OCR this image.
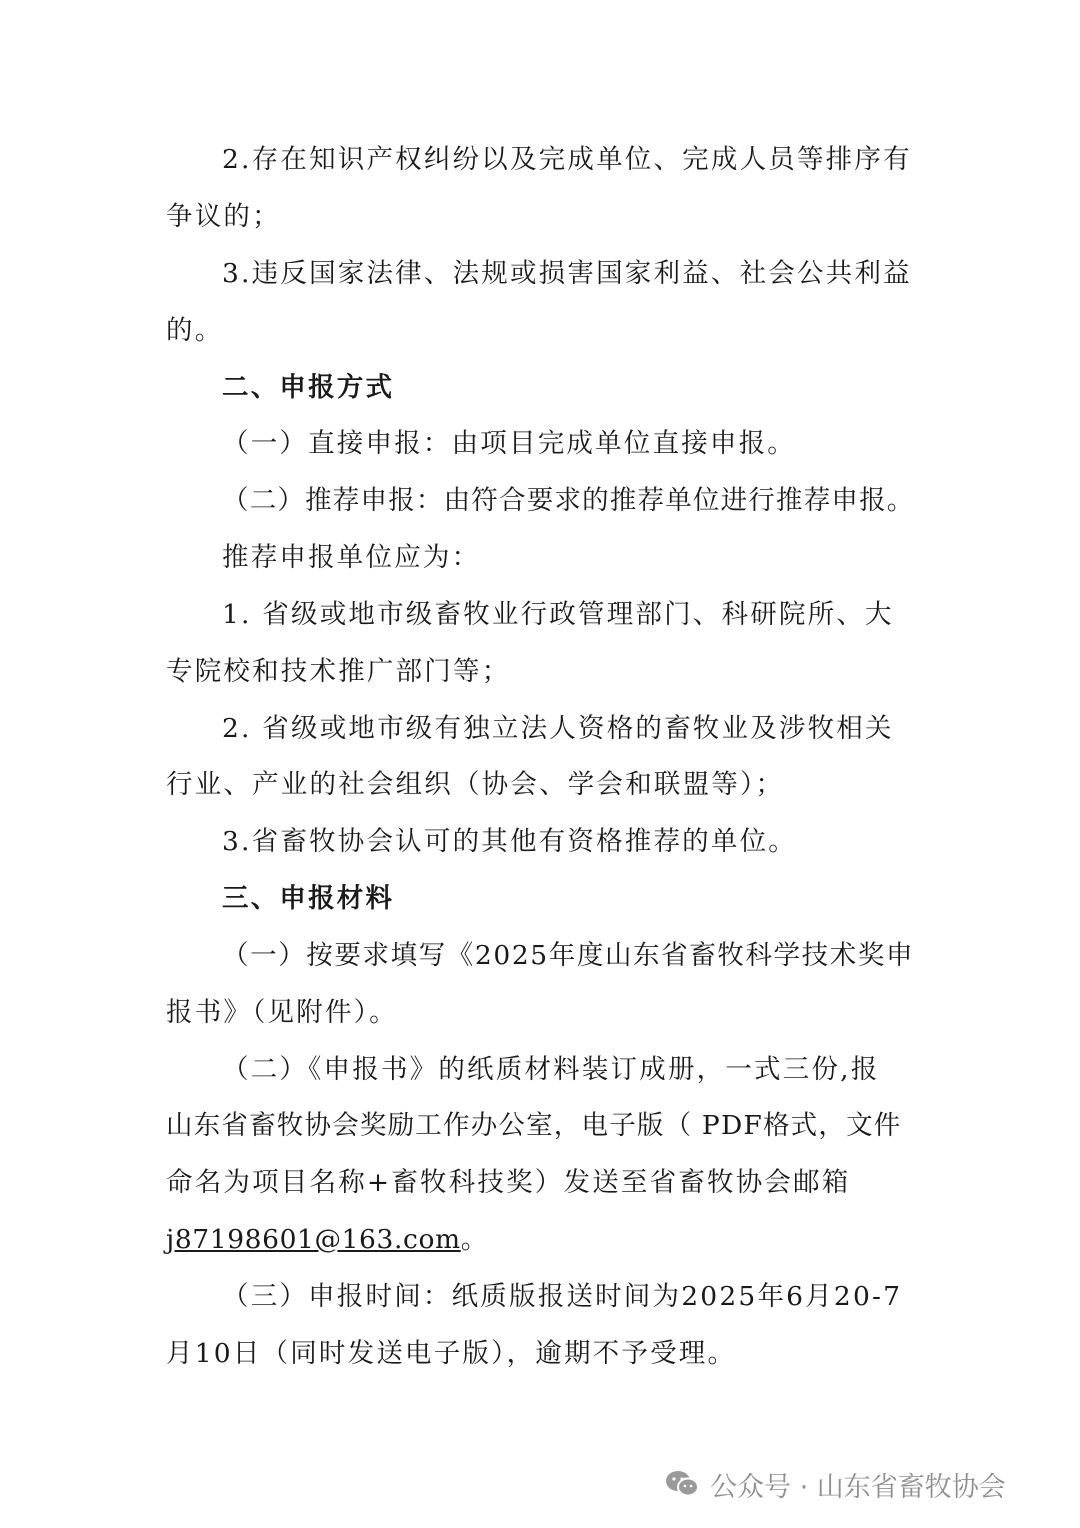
2.存在知识产权纠纷以及完成单位、完成人员等排序有
争议的；
3.违反国家法律、法规或损害国家利益、社会公共利益
的。
二、申报方式
（一）直接申报：由项目完成单位直接申报。
（二）推荐申报：由符合要求的推荐单位进行推荐申报。
推荐申报单位应为：
1. 省级或地市级畜牧业行政管理部门、科研院所、大
专院校和技术推广部门等；
2. 省级或地市级有独立法人资格的畜牧业及涉牧相关
行业、产业的社会组织（协会、学会和联盟等）；
3.省畜牧协会认可的其他有资格推荐的单位。
三、申报材料
（一）按要求填写《2025年度山东省畜牧科学技术奖申
报书》（见附件）。
（二）《申报书》的纸质材料装订成册，一式三份,报
山东省畜牧协会奖励工作办公室，电子版（ PDF格式，文件
命名为项目名称+畜牧科技奖）发送至省畜牧协会邮箱
j87198601@163.com。
（三）申报时间：纸质版报送时间为2025年6月20-7
月10日（同时发送电子版），逾期不予受理。
公众号 · 山东省畜牧协会
